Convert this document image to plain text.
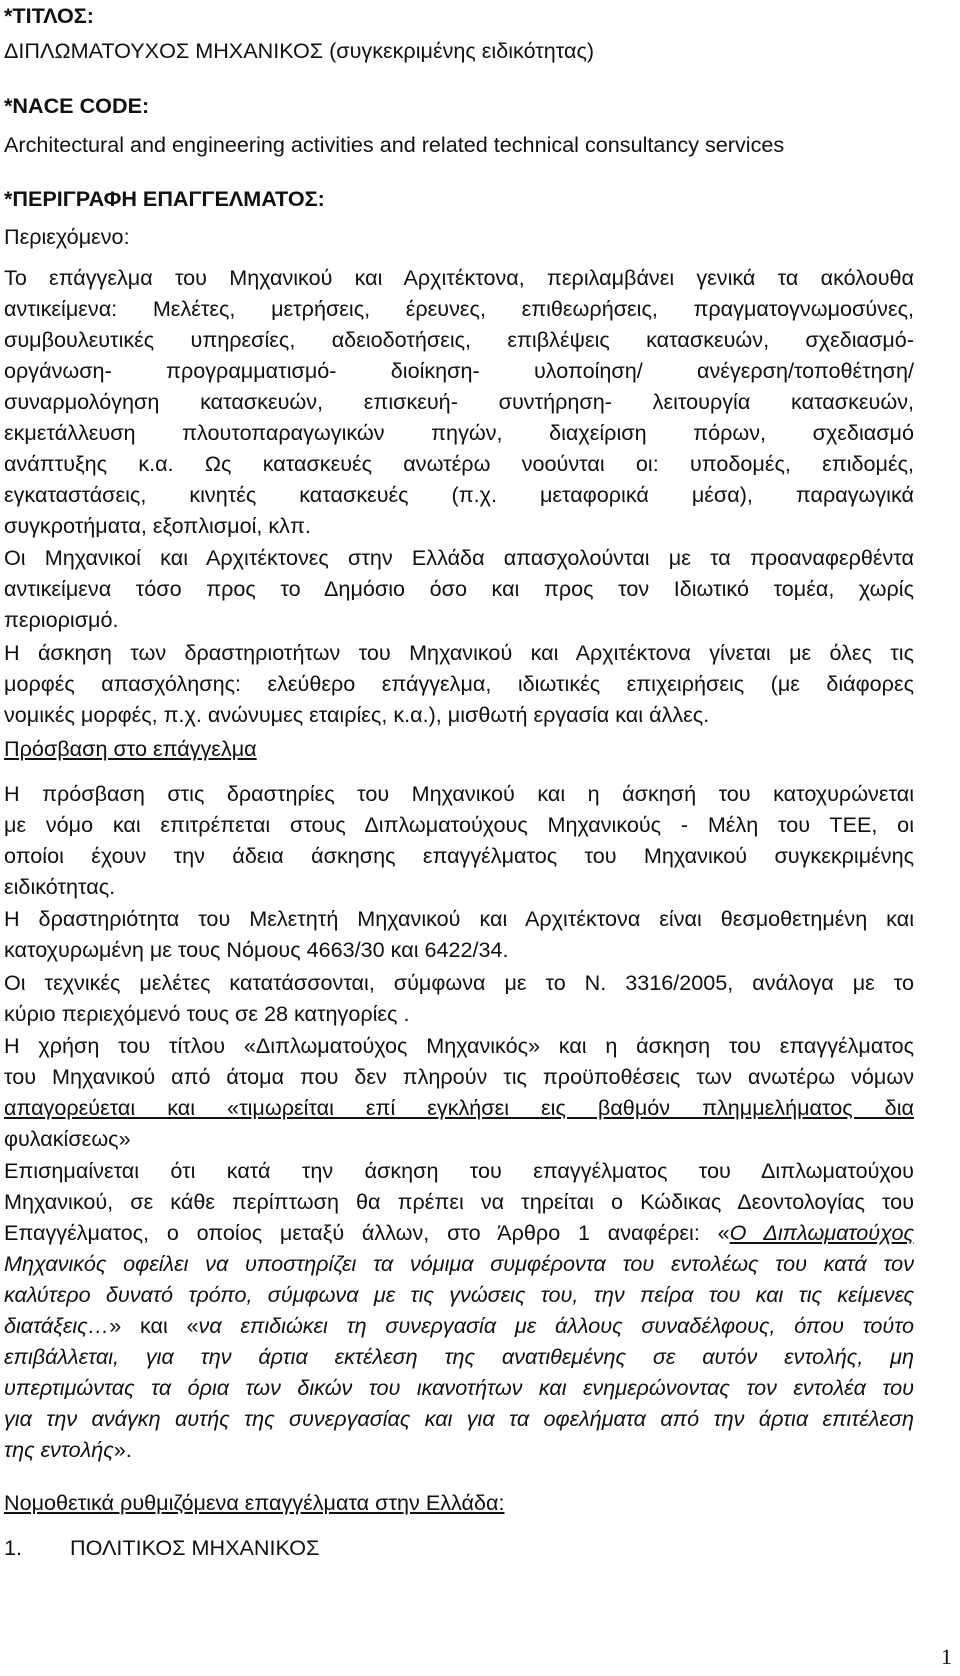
*ΤΙΤΛΟΣ:
ΔΙΠΛΩΜΑΤΟΥΧΟΣ ΜΗΧΑΝΙΚΟΣ (συγκεκριμένης ειδικότητας)
*NACE CODE:
Architectural and engineering activities and related technical consultancy services
*ΠΕΡΙΓΡΑΦΗ ΕΠΑΓΓΕΛΜΑΤΟΣ:
Περιεχόμενο:
Το επάγγελμα του Μηχανικού και Αρχιτέκτονα, περιλαμβάνει γενικά τα ακόλουθα
αντικείμενα: Μελέτες, μετρήσεις, έρευνες, επιθεωρήσεις, πραγματογνωμοσύνες,
συμβουλευτικές υπηρεσίες, αδειοδοτήσεις, επιβλέψεις κατασκευών, σχεδιασμό-
οργάνωση- προγραμματισμό- διοίκηση- υλοποίηση/ ανέγερση/τοποθέτηση/
συναρμολόγηση κατασκευών, επισκευή- συντήρηση- λειτουργία κατασκευών,
εκμετάλλευση πλουτοπαραγωγικών πηγών, διαχείριση πόρων, σχεδιασμό
ανάπτυξης κ.α. Ως κατασκευές ανωτέρω νοούνται οι: υποδομές, επιδομές,
εγκαταστάσεις, κινητές κατασκευές (π.χ. μεταφορικά μέσα), παραγωγικά
συγκροτήματα, εξοπλισμοί, κλπ.
Οι Μηχανικοί και Αρχιτέκτονες στην Ελλάδα απασχολούνται με τα προαναφερθέντα
αντικείμενα τόσο προς το Δημόσιο όσο και προς τον Ιδιωτικό τομέα, χωρίς
περιορισμό.
Η άσκηση των δραστηριοτήτων του Μηχανικού και Αρχιτέκτονα γίνεται με όλες τις
μορφές απασχόλησης: ελεύθερο επάγγελμα, ιδιωτικές επιχειρήσεις (με διάφορες
νομικές μορφές, π.χ. ανώνυμες εταιρίες, κ.α.), μισθωτή εργασία και άλλες.
Πρόσβαση στο επάγγελμα
Η πρόσβαση στις δραστηρίες του Μηχανικού και η άσκησή του κατοχυρώνεται
με νόμο και επιτρέπεται στους Διπλωματούχους Μηχανικούς - Μέλη του ΤΕΕ, οι
οποίοι έχουν την άδεια άσκησης επαγγέλματος του Μηχανικού συγκεκριμένης
ειδικότητας.
Η δραστηριότητα του Μελετητή Μηχανικού και Αρχιτέκτονα είναι θεσμοθετημένη και
κατοχυρωμένη με τους Νόμους 4663/30 και 6422/34.
Οι τεχνικές μελέτες κατατάσσονται, σύμφωνα με το Ν. 3316/2005, ανάλογα με το
κύριο περιεχόμενό τους σε 28 κατηγορίες .
Η χρήση του τίτλου «Διπλωματούχος Μηχανικός» και η άσκηση του επαγγέλματος
του Μηχανικού από άτομα που δεν πληρούν τις προϋποθέσεις των ανωτέρω νόμων
απαγορεύεται και «τιμωρείται επί εγκλήσει εις βαθμόν πλημμελήματος δια
φυλακίσεως»
Επισημαίνεται ότι κατά την άσκηση του επαγγέλματος του Διπλωματούχου
Μηχανικού, σε κάθε περίπτωση θα πρέπει να τηρείται ο Κώδικας Δεοντολογίας του
Επαγγέλματος, ο οποίος μεταξύ άλλων, στο Άρθρο 1 αναφέρει: «Ο Διπλωματούχος
Μηχανικός οφείλει να υποστηρίζει τα νόμιμα συμφέροντα του εντολέως του κατά τον
καλύτερο δυνατό τρόπο, σύμφωνα με τις γνώσεις του, την πείρα του και τις κείμενες
διατάξεις…» και «να επιδιώκει τη συνεργασία με άλλους συναδέλφους, όπου τούτο
επιβάλλεται, για την άρτια εκτέλεση της ανατιθεμένης σε αυτόν εντολής, μη
υπερτιμώντας τα όρια των δικών του ικανοτήτων και ενημερώνοντας τον εντολέα του
για την ανάγκη αυτής της συνεργασίας και για τα οφελήματα από την άρτια επιτέλεση
της εντολής».
Νομοθετικά ρυθμιζόμενα επαγγέλματα στην Ελλάδα:
1. ΠΟΛΙΤΙΚΟΣ ΜΗΧΑΝΙΚΟΣ
1
